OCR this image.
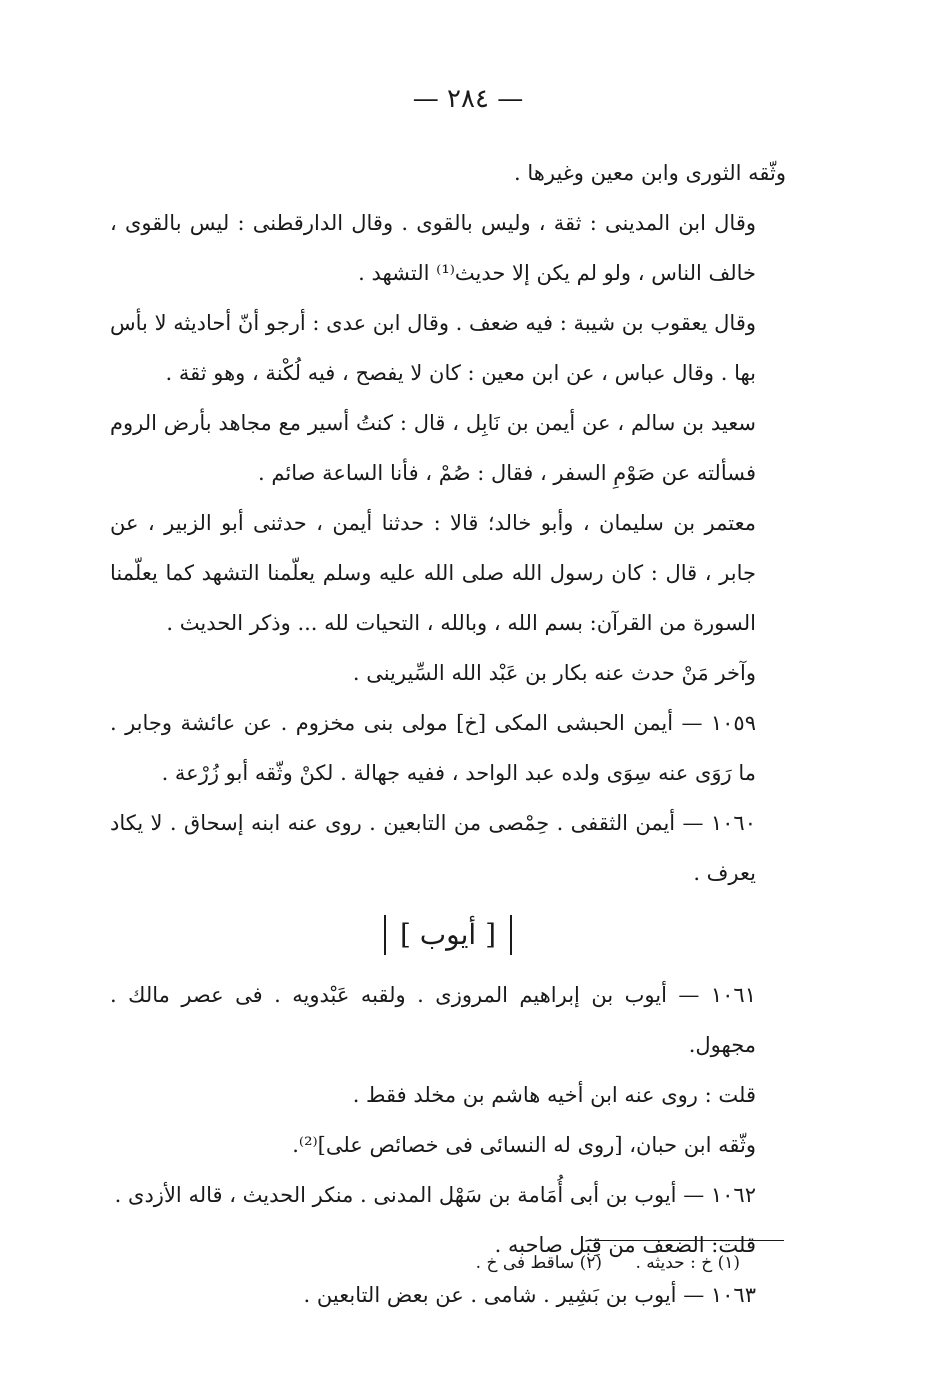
— ٢٨٤ —

وثّقه الثورى وابن معين وغيرها .

وقال ابن المدينى : ثقة ، وليس بالقوى . وقال الدارقطنى : ليس بالقوى ، خالف الناس ، ولو لم يكن إلا حديث⁽¹⁾ التشهد .

وقال يعقوب بن شيبة : فيه ضعف . وقال ابن عدى : أرجو أنّ أحاديثه لا بأس بها . وقال عباس ، عن ابن معين : كان لا يفصح ، فيه لُكْنة ، وهو ثقة .

سعيد بن سالم ، عن أيمن بن نَابِل ، قال : كنتُ أسير مع مجاهد بأرض الروم فسألته عن صَوْمِ السفر ، فقال : صُمْ ، فأنا الساعة صائم .

معتمر بن سليمان ، وأبو خالد؛ قالا : حدثنا أيمن ، حدثنى أبو الزبير ، عن جابر ، قال : كان رسول الله صلى الله عليه وسلم يعلّمنا التشهد كما يعلّمنا السورة من القرآن: بسم الله ، وبالله ، التحيات لله ... وذكر الحديث .

وآخر مَنْ حدث عنه بكار بن عَبْد الله السِّيرينى .

١٠٥٩ — أيمن الحبشى المكى [خ] مولى بنى مخزوم . عن عائشة وجابر . ما رَوَى عنه سِوَى ولده عبد الواحد ، ففيه جهالة . لكنْ وثّقه أبو زُرْعة .

١٠٦٠ — أيمن الثقفى . حِمْصى من التابعين . روى عنه ابنه إسحاق . لا يكاد يعرف .

[ أيوب ]

١٠٦١ — أيوب بن إبراهيم المروزى . ولقبه عَبْدويه . فى عصر مالك . مجهول.

قلت : روى عنه ابن أخيه هاشم بن مخلد فقط .

وثّقه ابن حبان، [روى له النسائى فى خصائص على]⁽²⁾.

١٠٦٢ — أيوب بن أبى أُمَامة بن سَهْل المدنى . منكر الحديث ، قاله الأزدى .

قلت: الضعف من قِبَل صاحبه .

١٠٦٣ — أيوب بن بَشِير . شامى . عن بعض التابعين .

(١) خ : حديثه . (٢) ساقط فى خ .
